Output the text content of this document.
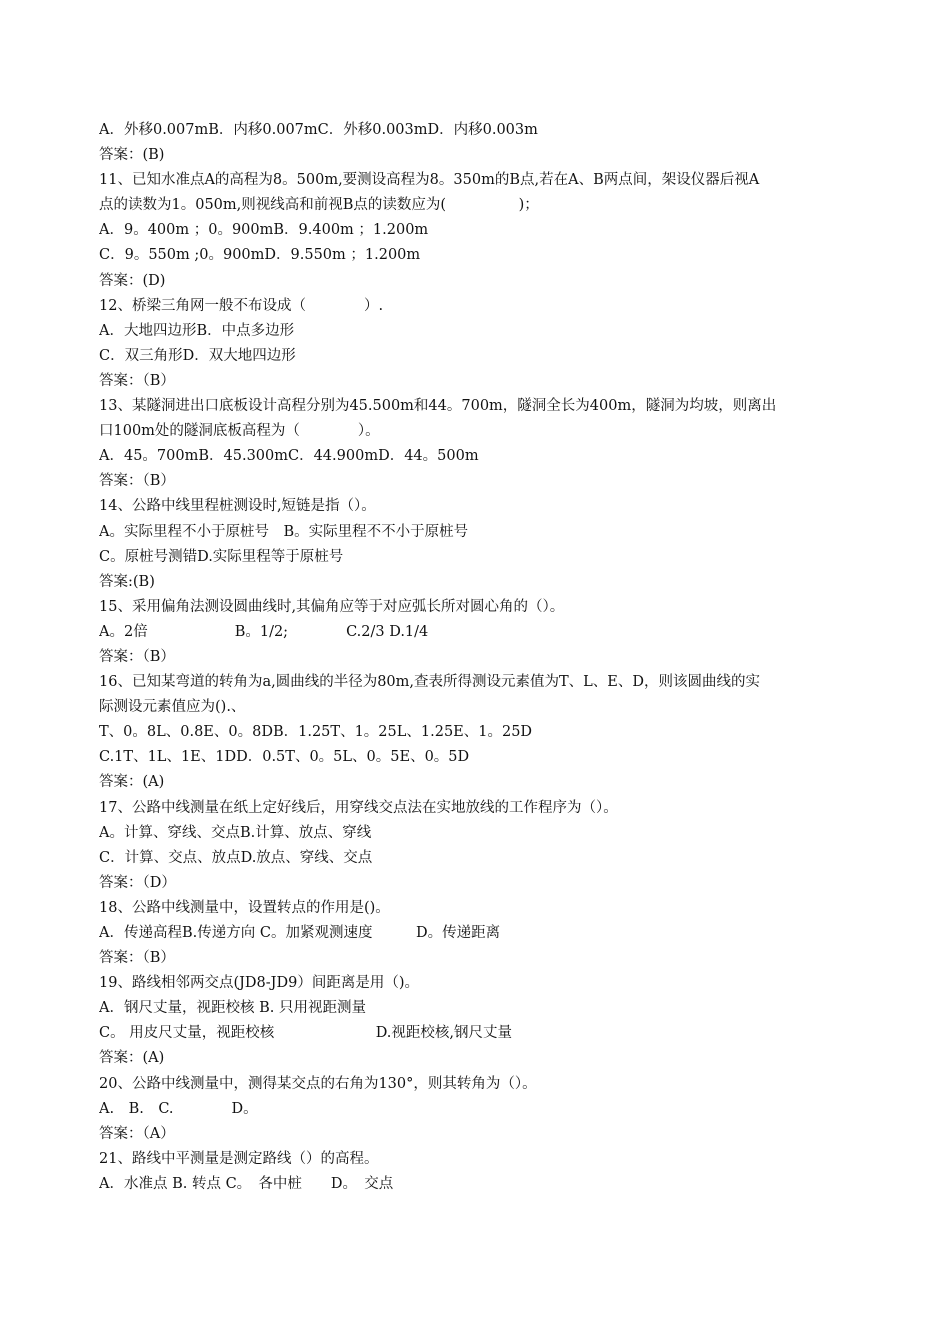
A．外移0.007mB．内移0.007mC．外移0.003mD．内移0.003m
答案：(B)
11、已知水准点A的高程为8。500m,要测设高程为8。350m的B点,若在A、B两点间，架设仪器后视A
点的读数为1。050m,则视线高和前视B点的读数应为(　　　　　)；
A．9。400m ；0。900mB．9.400m ；1.200m
C．9。550m ;0。900mD．9.550m ；1.200m
答案：(D)
12、桥梁三角网一般不布设成（　　　　）.
A．大地四边形B．中点多边形
C．双三角形D．双大地四边形
答案：（B）
13、某隧洞进出口底板设计高程分别为45.500m和44。700m，隧洞全长为400m，隧洞为均坡，则离出
口100m处的隧洞底板高程为（　　　　）。
A．45。700mB．45.300mC．44.900mD．44。500m
答案：（B）
14、公路中线里程桩测设时,短链是指（）。
A。实际里程不小于原桩号　B。实际里程不不小于原桩号
C。原桩号测错D.实际里程等于原桩号
答案:(B)
15、采用偏角法测设圆曲线时,其偏角应等于对应弧长所对圆心角的（）。
A。2倍　　　　　　B。1/2;　　　　C.2/3 D.1/4
答案：（B）
16、已知某弯道的转角为a,圆曲线的半径为80m,查表所得测设元素值为T、L、E、D，则该圆曲线的实
际测设元素值应为().、
T、0。8L、0.8E、0。8DB．1.25T、1。25L、1.25E、1。25D
C.1T、1L、1E、1DD．0.5T、0。5L、0。5E、0。5D
答案：(A)
17、公路中线测量在纸上定好线后，用穿线交点法在实地放线的工作程序为（）。
A。计算、穿线、交点B.计算、放点、穿线
C．计算、交点、放点D.放点、穿线、交点
答案：（D）
18、公路中线测量中，设置转点的作用是()。
A．传递高程B.传递方向 C。加紧观测速度　　　D。传递距离
答案：（B）
19、路线相邻两交点(JD8-JD9）间距离是用（)。
A．钢尺丈量，视距校核 B. 只用视距测量
C。 用皮尺丈量，视距校核　　　　　　　D.视距校核,钢尺丈量
答案：(A)
20、公路中线测量中，测得某交点的右角为130°，则其转角为（）。
A.　B.　C.　　　　D。
答案：（A）
21、路线中平测量是测定路线（）的高程。
A．水准点 B. 转点 C。　各中桩　　D。　交点
